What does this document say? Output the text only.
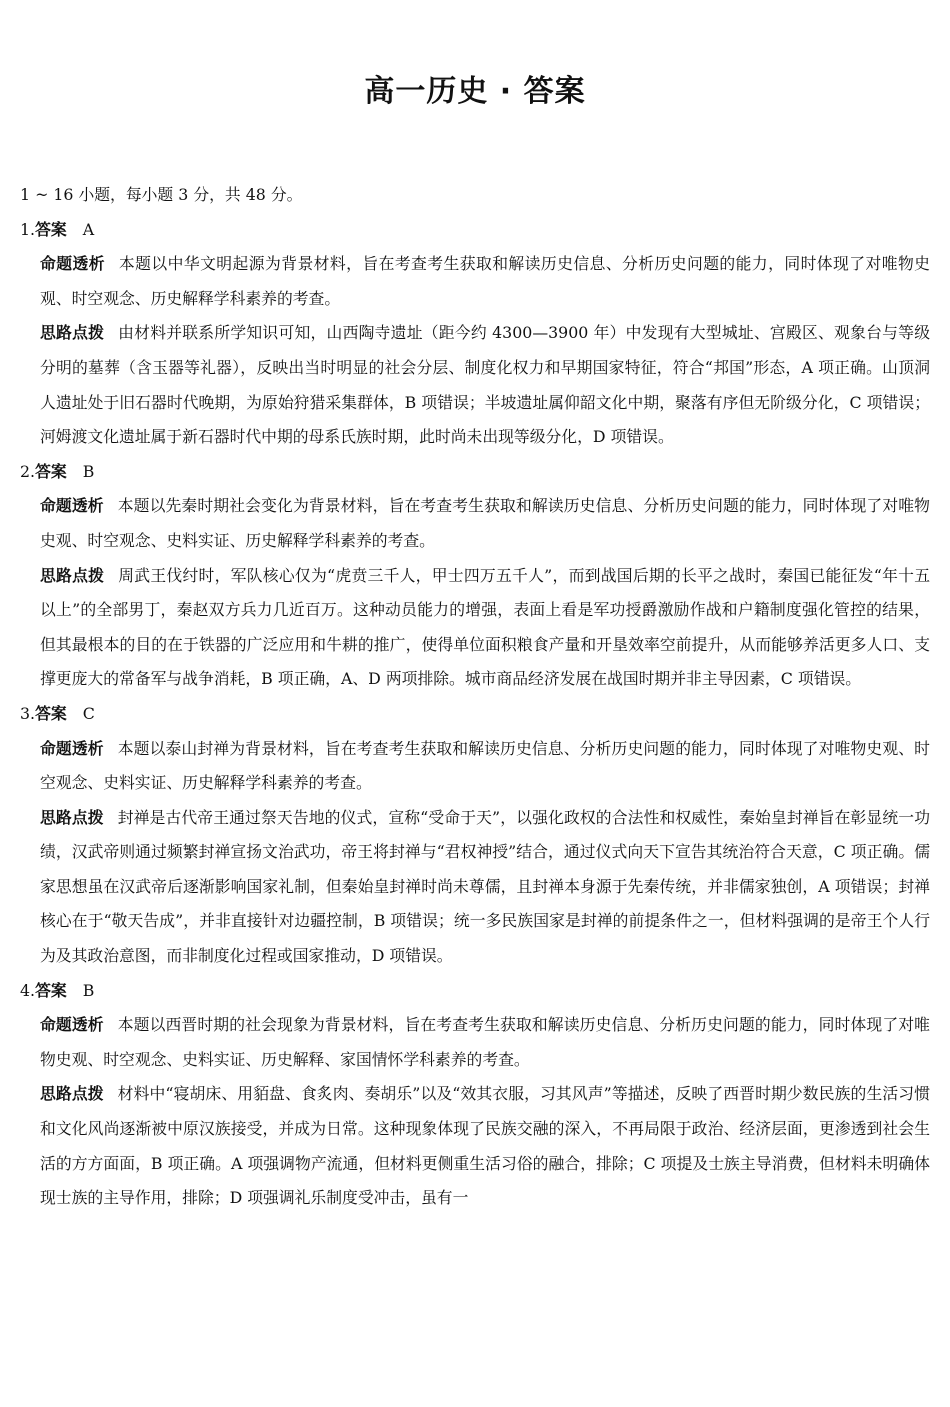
高一历史 · 答案

1 ~ 16 小题，每小题 3 分，共 48 分。

1.答案 A

命题透析 本题以中华文明起源为背景材料，旨在考查考生获取和解读历史信息、分析历史问题的能力，同时体现了对唯物史观、时空观念、历史解释学科素养的考查。

思路点拨 由材料并联系所学知识可知，山西陶寺遗址（距今约 4300—3900 年）中发现有大型城址、宫殿区、观象台与等级分明的墓葬（含玉器等礼器），反映出当时明显的社会分层、制度化权力和早期国家特征，符合“邦国”形态，A 项正确。山顶洞人遗址处于旧石器时代晚期，为原始狩猎采集群体，B 项错误；半坡遗址属仰韶文化中期，聚落有序但无阶级分化，C 项错误；河姆渡文化遗址属于新石器时代中期的母系氏族时期，此时尚未出现等级分化，D 项错误。

2.答案 B

命题透析 本题以先秦时期社会变化为背景材料，旨在考查考生获取和解读历史信息、分析历史问题的能力，同时体现了对唯物史观、时空观念、史料实证、历史解释学科素养的考查。

思路点拨 周武王伐纣时，军队核心仅为“虎贲三千人，甲士四万五千人”，而到战国后期的长平之战时，秦国已能征发“年十五以上”的全部男丁，秦赵双方兵力几近百万。这种动员能力的增强，表面上看是军功授爵激励作战和户籍制度强化管控的结果，但其最根本的目的在于铁器的广泛应用和牛耕的推广，使得单位面积粮食产量和开垦效率空前提升，从而能够养活更多人口、支撑更庞大的常备军与战争消耗，B 项正确，A、D 两项排除。城市商品经济发展在战国时期并非主导因素，C 项错误。

3.答案 C

命题透析 本题以泰山封禅为背景材料，旨在考查考生获取和解读历史信息、分析历史问题的能力，同时体现了对唯物史观、时空观念、史料实证、历史解释学科素养的考查。

思路点拨 封禅是古代帝王通过祭天告地的仪式，宣称“受命于天”，以强化政权的合法性和权威性，秦始皇封禅旨在彰显统一功绩，汉武帝则通过频繁封禅宣扬文治武功，帝王将封禅与“君权神授”结合，通过仪式向天下宣告其统治符合天意，C 项正确。儒家思想虽在汉武帝后逐渐影响国家礼制，但秦始皇封禅时尚未尊儒，且封禅本身源于先秦传统，并非儒家独创，A 项错误；封禅核心在于“敬天告成”，并非直接针对边疆控制，B 项错误；统一多民族国家是封禅的前提条件之一，但材料强调的是帝王个人行为及其政治意图，而非制度化过程或国家推动，D 项错误。

4.答案 B

命题透析 本题以西晋时期的社会现象为背景材料，旨在考查考生获取和解读历史信息、分析历史问题的能力，同时体现了对唯物史观、时空观念、史料实证、历史解释、家国情怀学科素养的考查。

思路点拨 材料中“寝胡床、用貊盘、食炙肉、奏胡乐”以及“效其衣服，习其风声”等描述，反映了西晋时期少数民族的生活习惯和文化风尚逐渐被中原汉族接受，并成为日常。这种现象体现了民族交融的深入，不再局限于政治、经济层面，更渗透到社会生活的方方面面，B 项正确。A 项强调物产流通，但材料更侧重生活习俗的融合，排除；C 项提及士族主导消费，但材料未明确体现士族的主导作用，排除；D 项强调礼乐制度受冲击，虽有一
